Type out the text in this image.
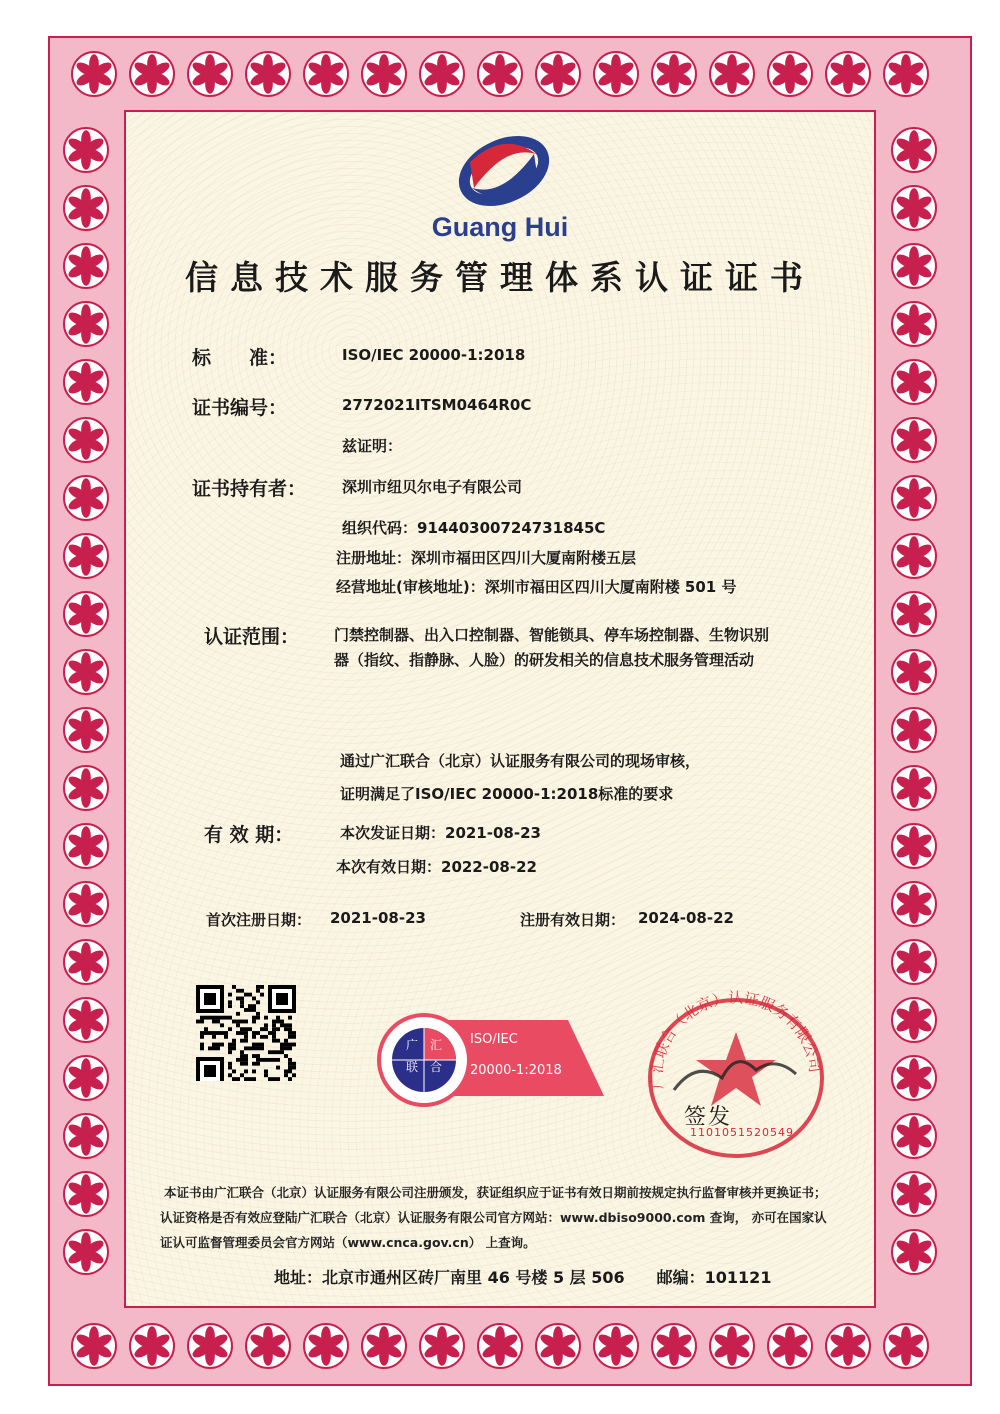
Guang Hui
信息技术服务管理体系认证证书
标　　准：	ISO/IEC 20000-1:2018
证书编号：	2772021ITSM0464R0C
兹证明：
证书持有者： 深圳市纽贝尔电子有限公司
组织代码：91440300724731845C
注册地址：深圳市福田区四川大厦南附楼五层
经营地址(审核地址)：深圳市福田区四川大厦南附楼 501 号
认证范围： 门禁控制器、出入口控制器、智能锁具、停车场控制器、生物识别
器（指纹、指静脉、人脸）的研发相关的信息技术服务管理活动
通过广汇联合（北京）认证服务有限公司的现场审核，
证明满足了ISO/IEC 20000-1:2018标准的要求
有 效 期：	本次发证日期：2021-08-23
本次有效日期：2022-08-22
首次注册日期： 2021-08-23	注册有效日期： 2024-08-22
广　汇
联　合
ISO/IEC
20000-1:2018
广汇联合（北京）认证服务有限公司
1101051520549
签发
本证书由广汇联合（北京）认证服务有限公司注册颁发，获证组织应于证书有效日期前按规定执行监督审核并更换证书；
认证资格是否有效应登陆广汇联合（北京）认证服务有限公司官方网站：www.dbiso9000.com 查询， 亦可在国家认
证认可监督管理委员会官方网站（www.cnca.gov.cn） 上查询。
地址：北京市通州区砖厂南里 46 号楼 5 层 506　　邮编：101121
